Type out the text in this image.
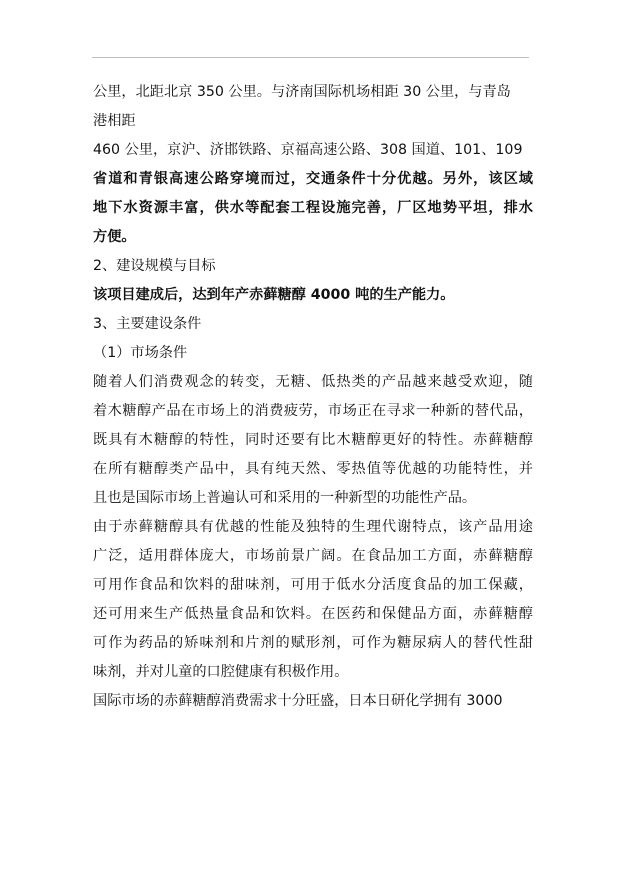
公里，北距北京 350 公里。与济南国际机场相距 30 公里，与青岛
港相距
460 公里，京沪、济邯铁路、京福高速公路、308 国道、101、109
省道和青银高速公路穿境而过，交通条件十分优越。另外，该区域
地下水资源丰富，供水等配套工程设施完善，厂区地势平坦，排水
方便。
2、建设规模与目标
该项目建成后，达到年产赤藓糖醇 4000 吨的生产能力。
3、主要建设条件
（1）市场条件
随着人们消费观念的转变，无糖、低热类的产品越来越受欢迎，随
着木糖醇产品在市场上的消费疲劳，市场正在寻求一种新的替代品，
既具有木糖醇的特性，同时还要有比木糖醇更好的特性。赤藓糖醇
在所有糖醇类产品中，具有纯天然、零热值等优越的功能特性，并
且也是国际市场上普遍认可和采用的一种新型的功能性产品。
由于赤藓糖醇具有优越的性能及独特的生理代谢特点，该产品用途
广泛，适用群体庞大，市场前景广阔。在食品加工方面，赤藓糖醇
可用作食品和饮料的甜味剂，可用于低水分活度食品的加工保藏，
还可用来生产低热量食品和饮料。在医药和保健品方面，赤藓糖醇
可作为药品的矫味剂和片剂的赋形剂，可作为糖尿病人的替代性甜
味剂，并对儿童的口腔健康有积极作用。
国际市场的赤藓糖醇消费需求十分旺盛，日本日研化学拥有 3000
